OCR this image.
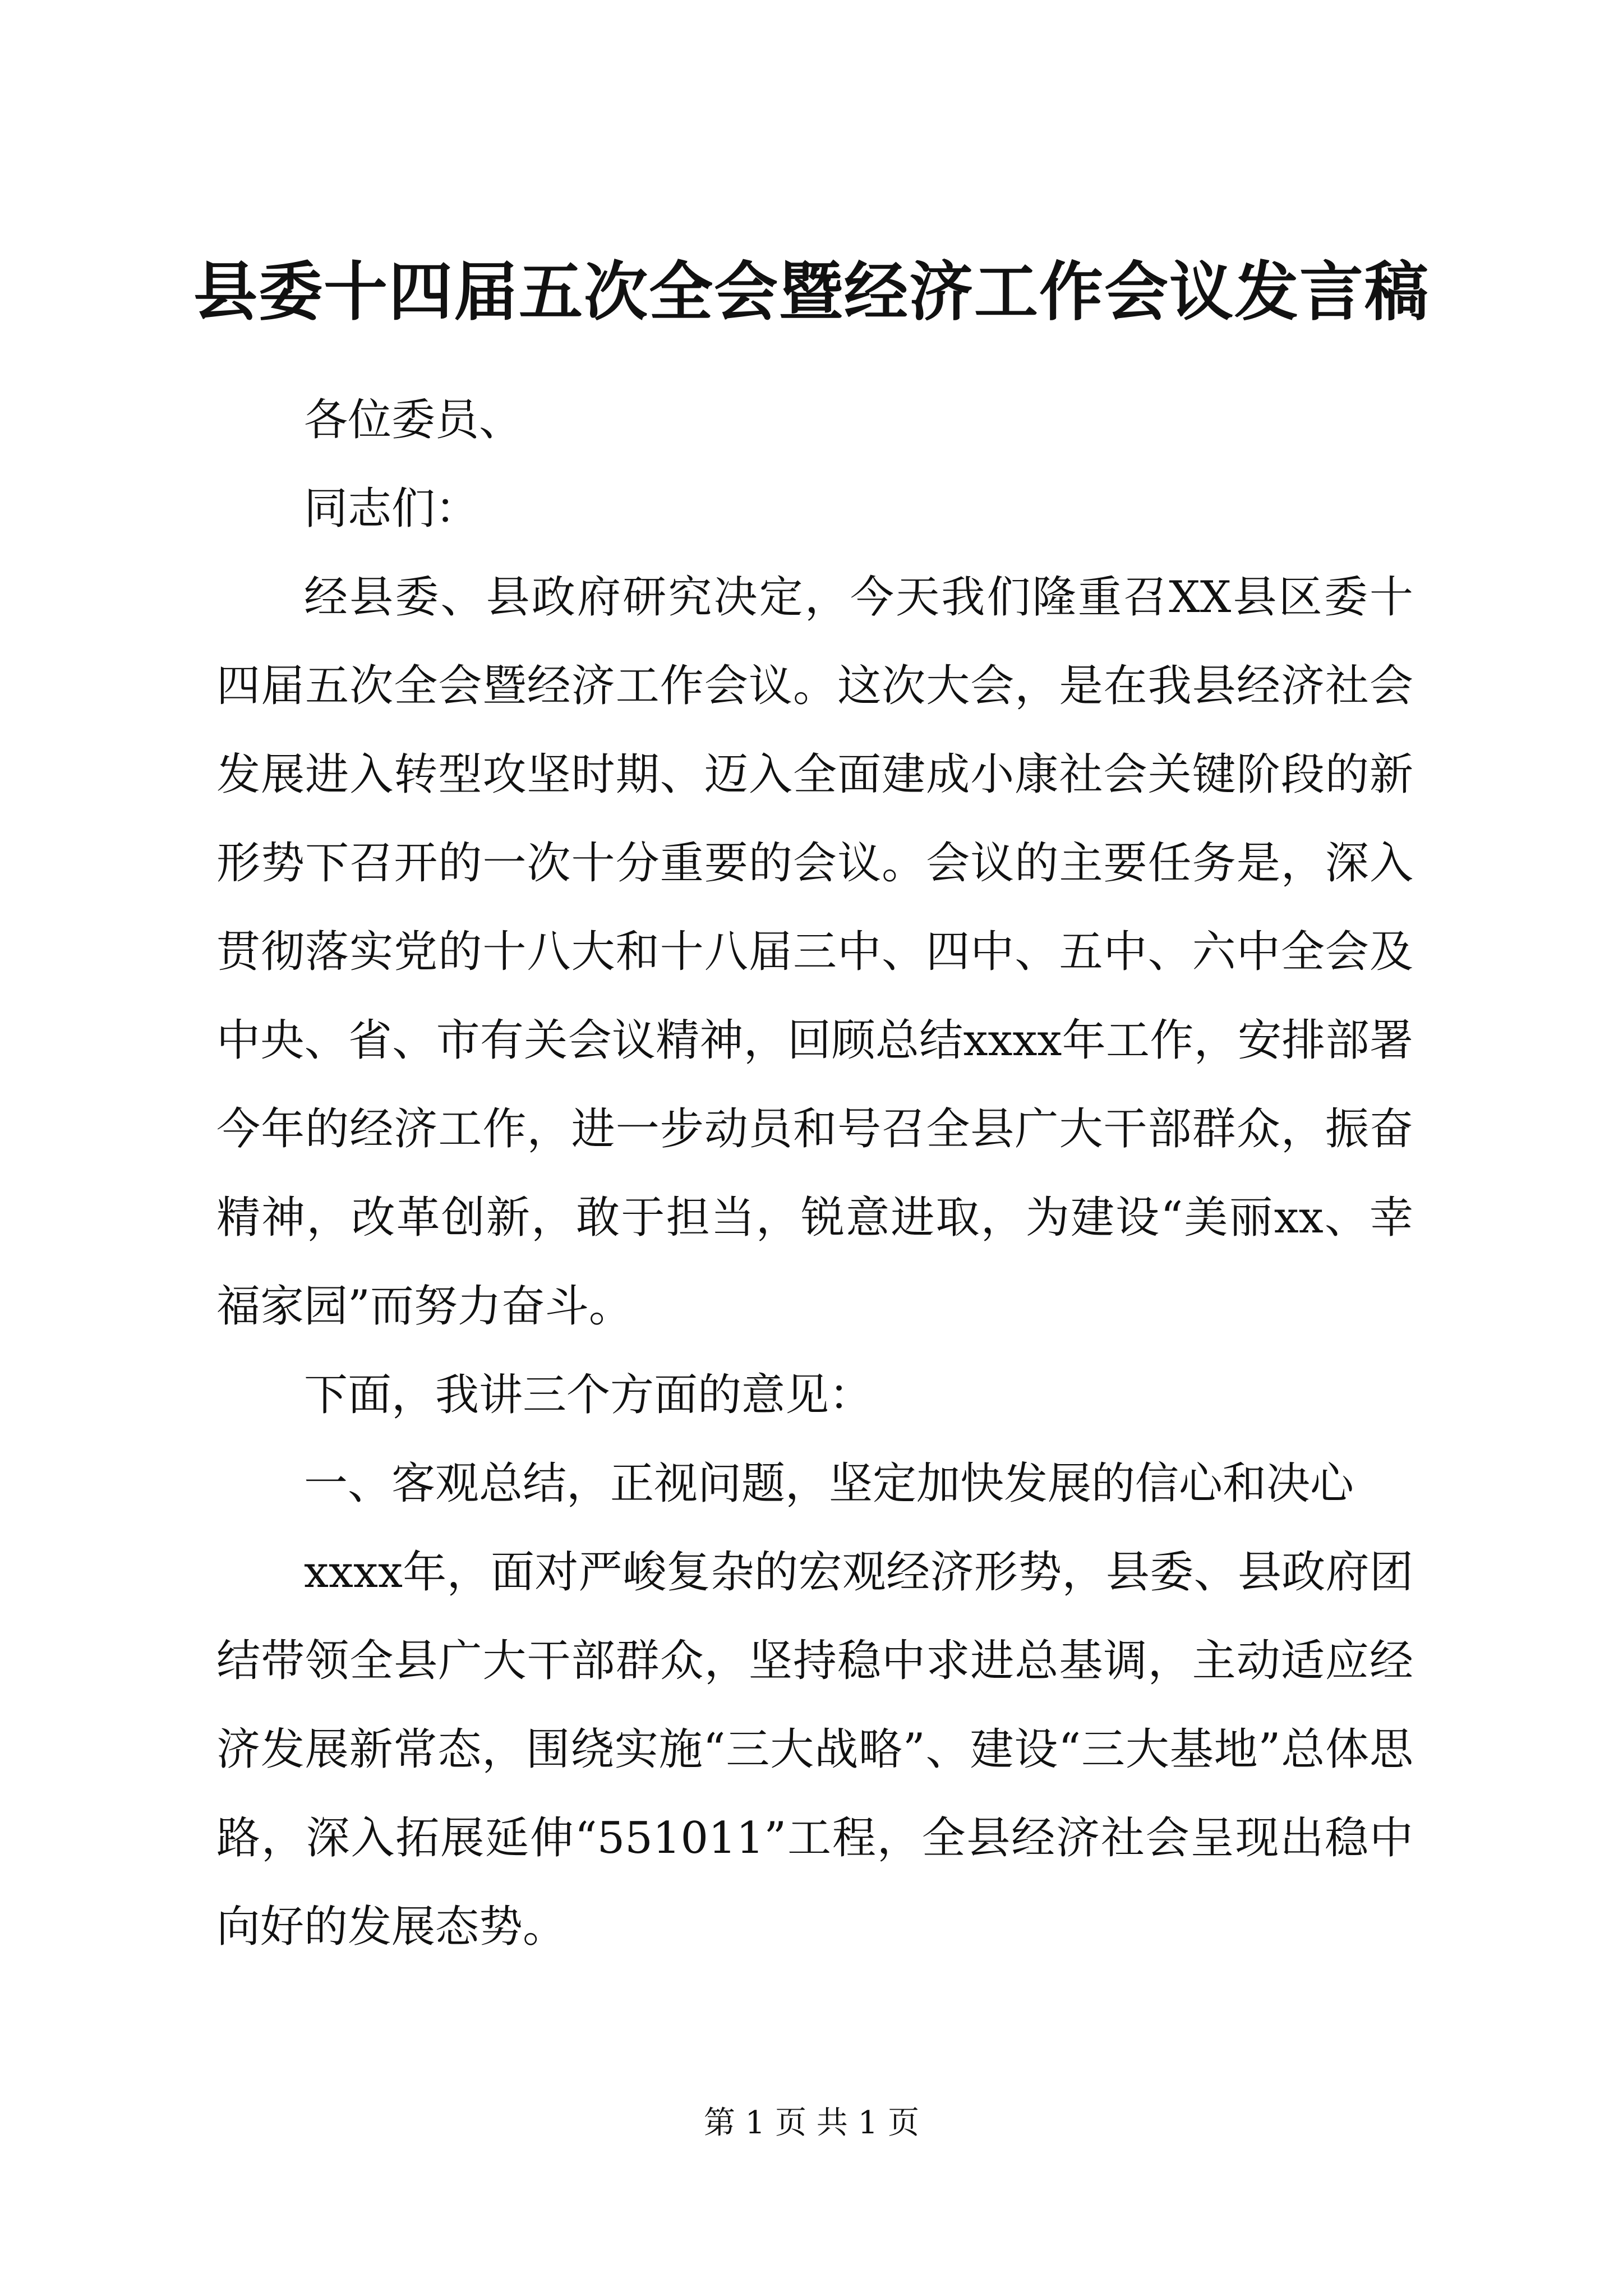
县委十四届五次全会暨经济工作会议发言稿

各位委员、

同志们：

经县委、县政府研究决定，今天我们隆重召XX县区委十四届五次全会暨经济工作会议。这次大会，是在我县经济社会发展进入转型攻坚时期、迈入全面建成小康社会关键阶段的新形势下召开的一次十分重要的会议。会议的主要任务是，深入贯彻落实党的十八大和十八届三中、四中、五中、六中全会及中央、省、市有关会议精神，回顾总结xxxx年工作，安排部署今年的经济工作，进一步动员和号召全县广大干部群众，振奋精神，改革创新，敢于担当，锐意进取，为建设“美丽xx、幸福家园”而努力奋斗。

下面，我讲三个方面的意见：

一、客观总结，正视问题，坚定加快发展的信心和决心

xxxx年，面对严峻复杂的宏观经济形势，县委、县政府团结带领全县广大干部群众，坚持稳中求进总基调，主动适应经济发展新常态，围绕实施“三大战略”、建设“三大基地”总体思路，深入拓展延伸“551011”工程，全县经济社会呈现出稳中向好的发展态势。

第 1 页 共 1 页
